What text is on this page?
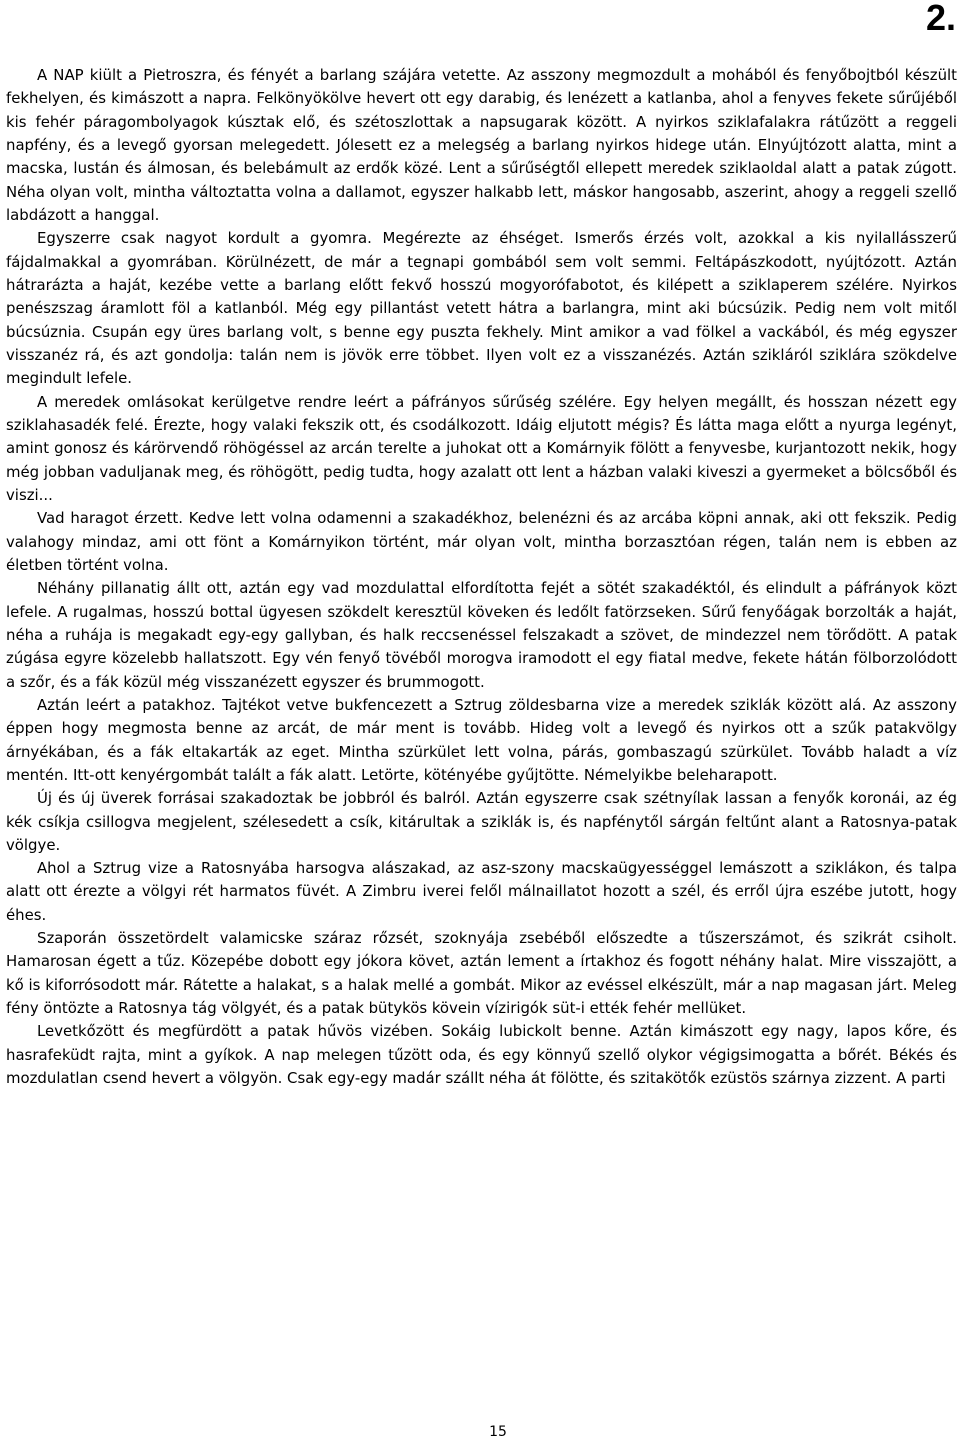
2.

A NAP kiült a Pietroszra, és fényét a barlang szájára vetette. Az asszony megmozdult a mohából és fenyőbojtból készült fekhelyen, és kimászott a napra. Felkönyökölve hevert ott egy darabig, és lenézett a katlanba, ahol a fenyves fekete sűrűjéből kis fehér páragombolyagok kúsztak elő, és szétoszlottak a napsugarak között. A nyirkos sziklafalakra rátűzött a reggeli napfény, és a levegő gyorsan melegedett. Jólesett ez a melegség a barlang nyirkos hidege után. Elnyújtózott alatta, mint a macska, lustán és álmosan, és belebámult az erdők közé. Lent a sűrűségtől ellepett meredek sziklaoldal alatt a patak zúgott. Néha olyan volt, mintha változtatta volna a dallamot, egyszer halkabb lett, máskor hangosabb, aszerint, ahogy a reggeli szellő labdázott a hanggal.

Egyszerre csak nagyot kordult a gyomra. Megérezte az éhséget. Ismerős érzés volt, azokkal a kis nyilallásszerű fájdalmakkal a gyomrában. Körülnézett, de már a tegnapi gombából sem volt semmi. Feltápászkodott, nyújtózott. Aztán hátrarázta a haját, kezébe vette a barlang előtt fekvő hosszú mogyorófabotot, és kilépett a sziklaperem szélére. Nyirkos penészszag áramlott föl a katlanból. Még egy pillantást vetett hátra a barlangra, mint aki búcsúzik. Pedig nem volt mitől búcsúznia. Csupán egy üres barlang volt, s benne egy puszta fekhely. Mint amikor a vad fölkel a vackából, és még egyszer visszanéz rá, és azt gondolja: talán nem is jövök erre többet. Ilyen volt ez a visszanézés. Aztán szikláról sziklára szökdelve megindult lefele.

A meredek omlásokat kerülgetve rendre leért a páfrányos sűrűség szélére. Egy helyen megállt, és hosszan nézett egy sziklahasadék felé. Érezte, hogy valaki fekszik ott, és csodálkozott. Idáig eljutott mégis? És látta maga előtt a nyurga legényt, amint gonosz és kárörvendő röhögéssel az arcán terelte a juhokat ott a Komárnyik fölött a fenyvesbe, kurjantozott nekik, hogy még jobban vaduljanak meg, és röhögött, pedig tudta, hogy azalatt ott lent a házban valaki kiveszi a gyermeket a bölcsőből és viszi...

Vad haragot érzett. Kedve lett volna odamenni a szakadékhoz, belenézni és az arcába köpni annak, aki ott fekszik. Pedig valahogy mindaz, ami ott fönt a Komárnyikon történt, már olyan volt, mintha borzasztóan régen, talán nem is ebben az életben történt volna.

Néhány pillanatig állt ott, aztán egy vad mozdulattal elfordította fejét a sötét szakadéktól, és elindult a páfrányok közt lefele. A rugalmas, hosszú bottal ügyesen szökdelt keresztül köveken és ledőlt fatörzseken. Sűrű fenyőágak borzolták a haját, néha a ruhája is megakadt egy-egy gallyban, és halk reccsenéssel felszakadt a szövet, de mindezzel nem törődött. A patak zúgása egyre közelebb hallatszott. Egy vén fenyő tövéből morogva iramodott el egy fiatal medve, fekete hátán fölborzolódott a szőr, és a fák közül még visszanézett egyszer és brummogott.

Aztán leért a patakhoz. Tajtékot vetve bukfencezett a Sztrug zöldesbarna vize a meredek sziklák között alá. Az asszony éppen hogy megmosta benne az arcát, de már ment is tovább. Hideg volt a levegő és nyirkos ott a szűk patakvölgy árnyékában, és a fák eltakarták az eget. Mintha szürkület lett volna, párás, gombaszagú szürkület. Tovább haladt a víz mentén. Itt-ott kenyérgombát talált a fák alatt. Letörte, kötényébe gyűjtötte. Némelyikbe beleharapott.

Új és új üverek forrásai szakadoztak be jobbról és balról. Aztán egyszerre csak szétnyílak lassan a fenyők koronái, az ég kék csíkja csillogva megjelent, szélesedett a csík, kitárultak a sziklák is, és napfénytől sárgán feltűnt alant a Ratosnya-patak völgye.

Ahol a Sztrug vize a Ratosnyába harsogva alászakad, az asz-szony macskaügyességgel lemászott a sziklákon, és talpa alatt ott érezte a völgyi rét harmatos füvét. A Zimbru iverei felől málnaillatot hozott a szél, és erről újra eszébe jutott, hogy éhes.

Szaporán összetördelt valamicske száraz rőzsét, szoknyája zsebéből előszedte a tűszerszámot, és szikrát csiholt. Hamarosan égett a tűz. Közepébe dobott egy jókora követ, aztán lement a írtakhoz és fogott néhány halat. Mire visszajött, a kő is kiforrósodott már. Rátette a halakat, s a halak mellé a gombát. Mikor az evéssel elkészült, már a nap magasan járt. Meleg fény öntözte a Ratosnya tág völgyét, és a patak bütykös kövein vízirigók süt-i ették fehér mellüket.

Levetkőzött és megfürdött a patak hűvös vizében. Sokáig lubickolt benne. Aztán kimászott egy nagy, lapos kőre, és hasrafeküdt rajta, mint a gyíkok. A nap melegen tűzött oda, és egy könnyű szellő olykor végigsimogatta a bőrét. Békés és mozdulatlan csend hevert a völgyön. Csak egy-egy madár szállt néha át fölötte, és szitakötők ezüstös szárnya zizzent. A parti

15
